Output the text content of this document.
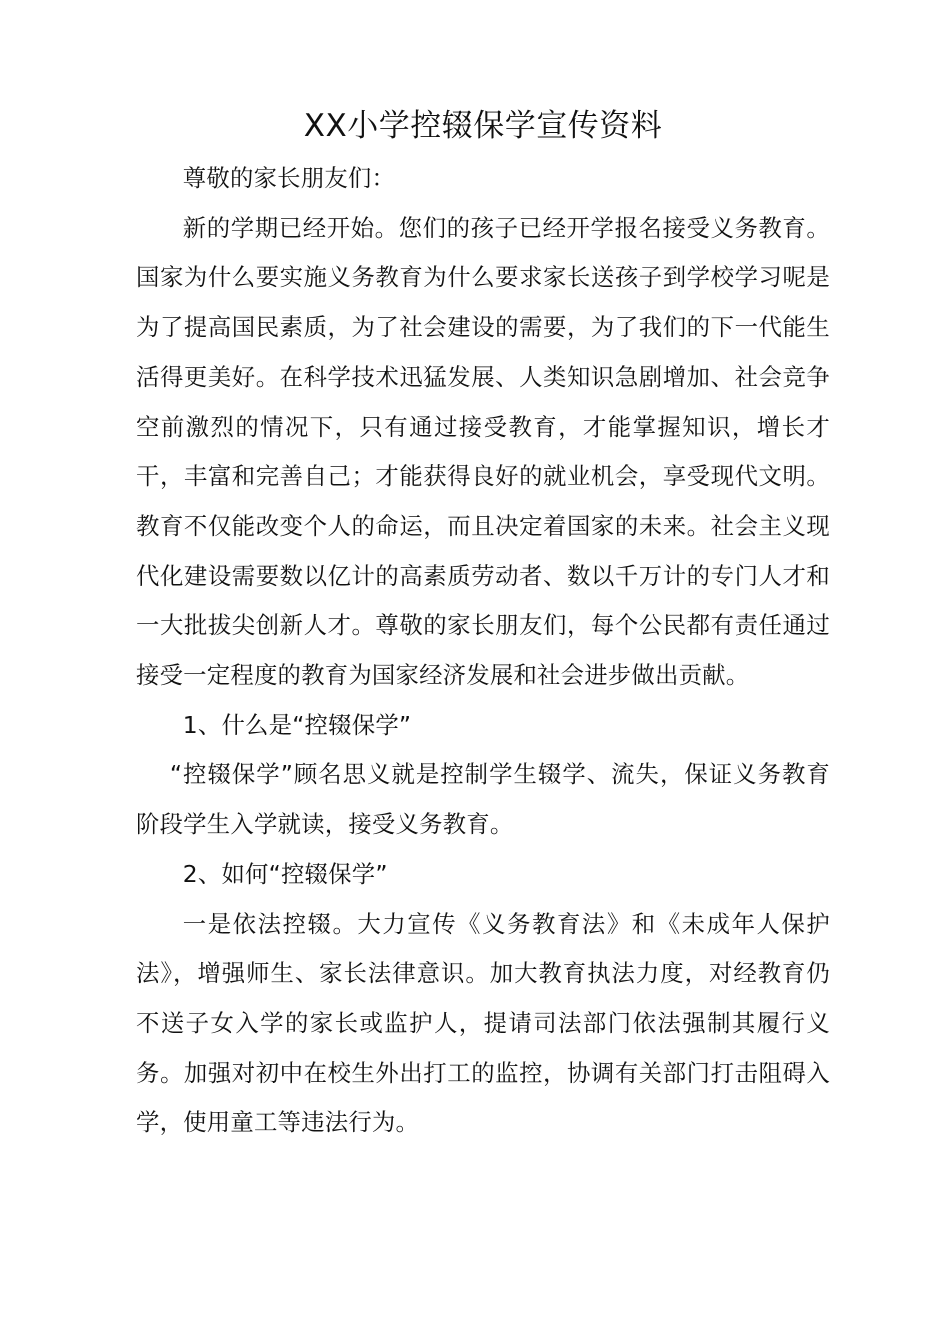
XX小学控辍保学宣传资料

尊敬的家长朋友们：

新的学期已经开始。您们的孩子已经开学报名接受义务教育。国家为什么要实施义务教育为什么要求家长送孩子到学校学习呢是为了提高国民素质，为了社会建设的需要，为了我们的下一代能生活得更美好。在科学技术迅猛发展、人类知识急剧增加、社会竞争空前激烈的情况下，只有通过接受教育，才能掌握知识，增长才干，丰富和完善自己；才能获得良好的就业机会，享受现代文明。教育不仅能改变个人的命运，而且决定着国家的未来。社会主义现代化建设需要数以亿计的高素质劳动者、数以千万计的专门人才和一大批拔尖创新人才。尊敬的家长朋友们，每个公民都有责任通过接受一定程度的教育为国家经济发展和社会进步做出贡献。

1、什么是“控辍保学”

“控辍保学”顾名思义就是控制学生辍学、流失，保证义务教育阶段学生入学就读，接受义务教育。

2、如何“控辍保学”

一是依法控辍。大力宣传《义务教育法》和《未成年人保护法》，增强师生、家长法律意识。加大教育执法力度，对经教育仍不送子女入学的家长或监护人，提请司法部门依法强制其履行义务。加强对初中在校生外出打工的监控，协调有关部门打击阻碍入学，使用童工等违法行为。
